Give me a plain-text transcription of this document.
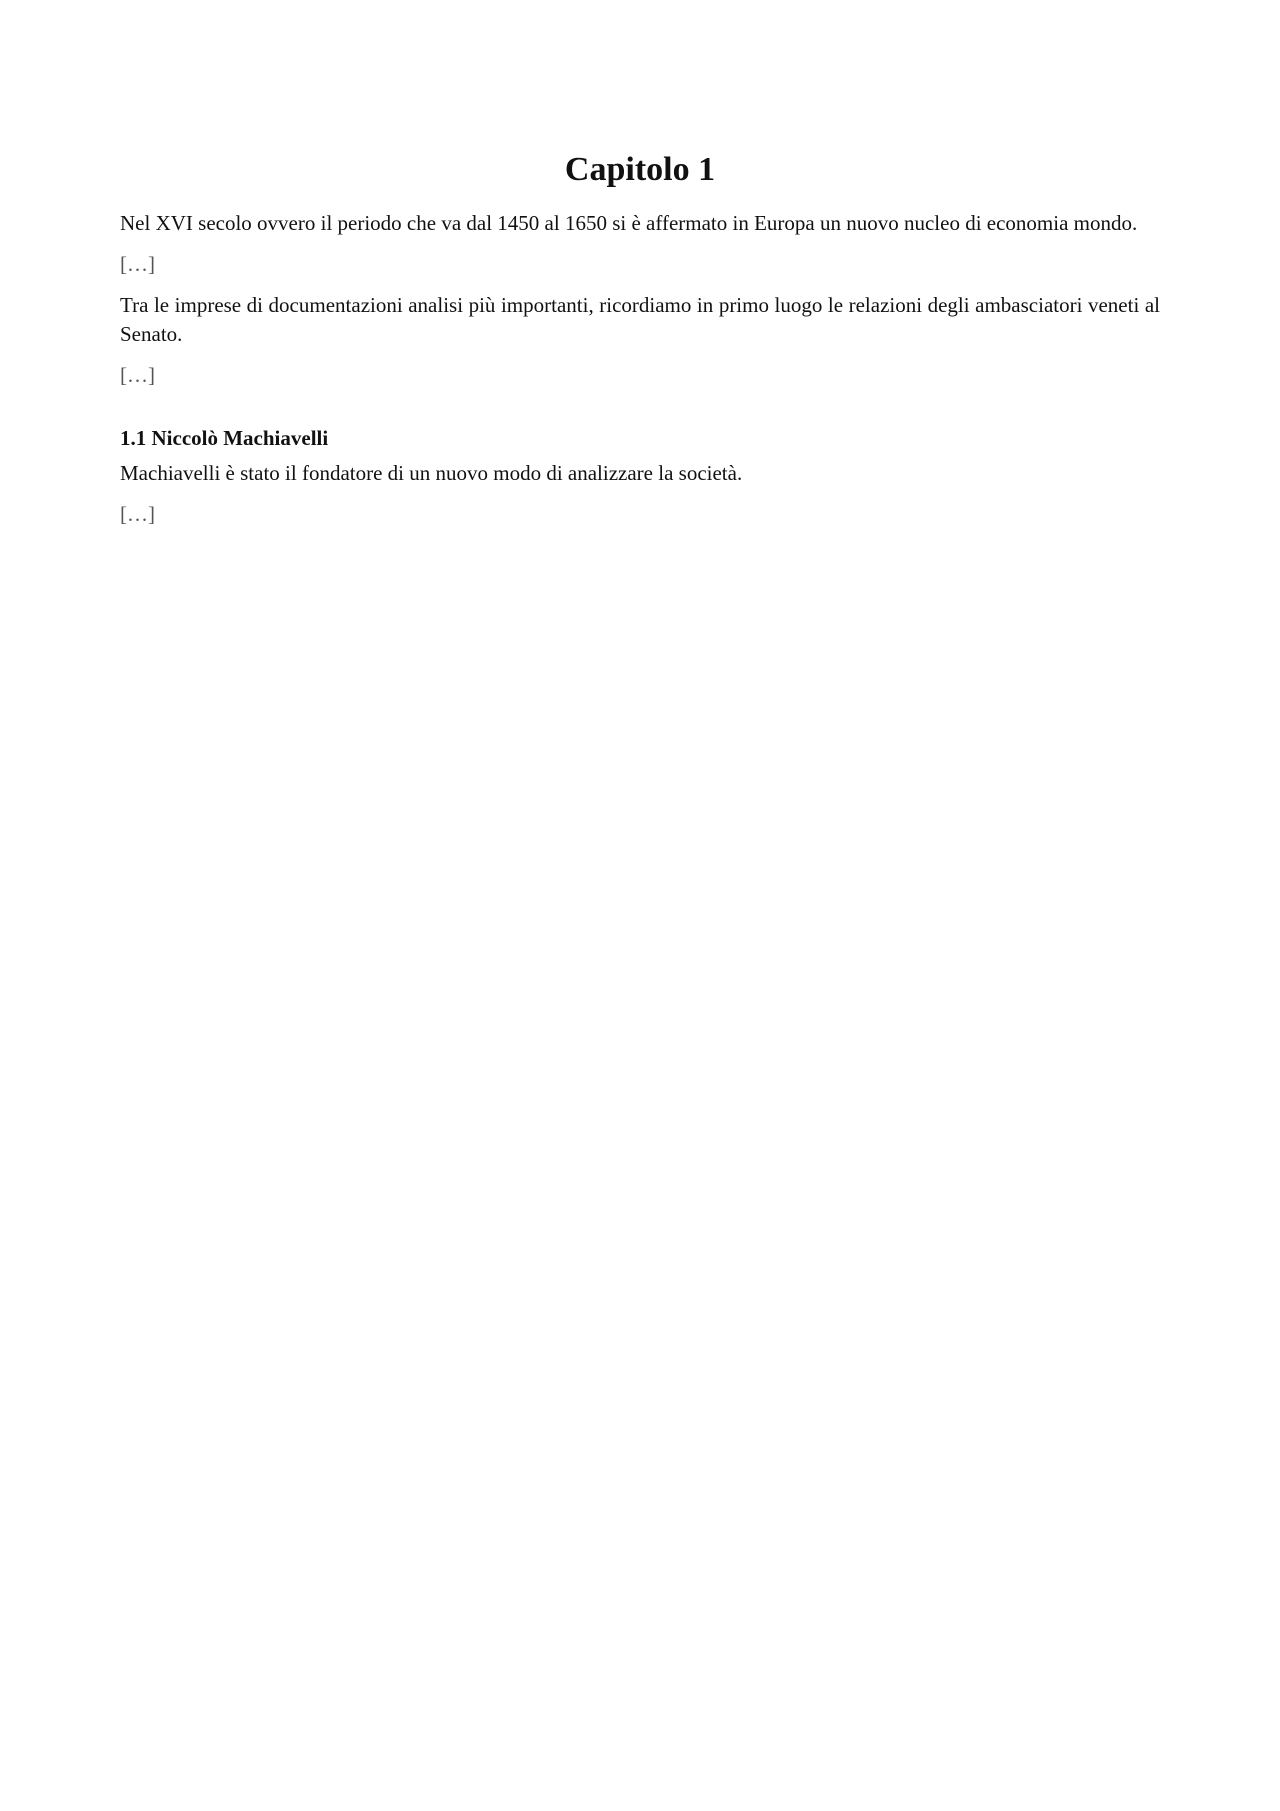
Capitolo 1

Nel XVI secolo ovvero il periodo che va dal 1450 al 1650 si è affermato in Europa un nuovo nucleo di economia mondo.

[…]

Tra le imprese di documentazioni analisi più importanti, ricordiamo in primo luogo le relazioni degli ambasciatori veneti al Senato.

[…]

1.1 Niccolò Machiavelli

Machiavelli è stato il fondatore di un nuovo modo di analizzare la società.

[…]
